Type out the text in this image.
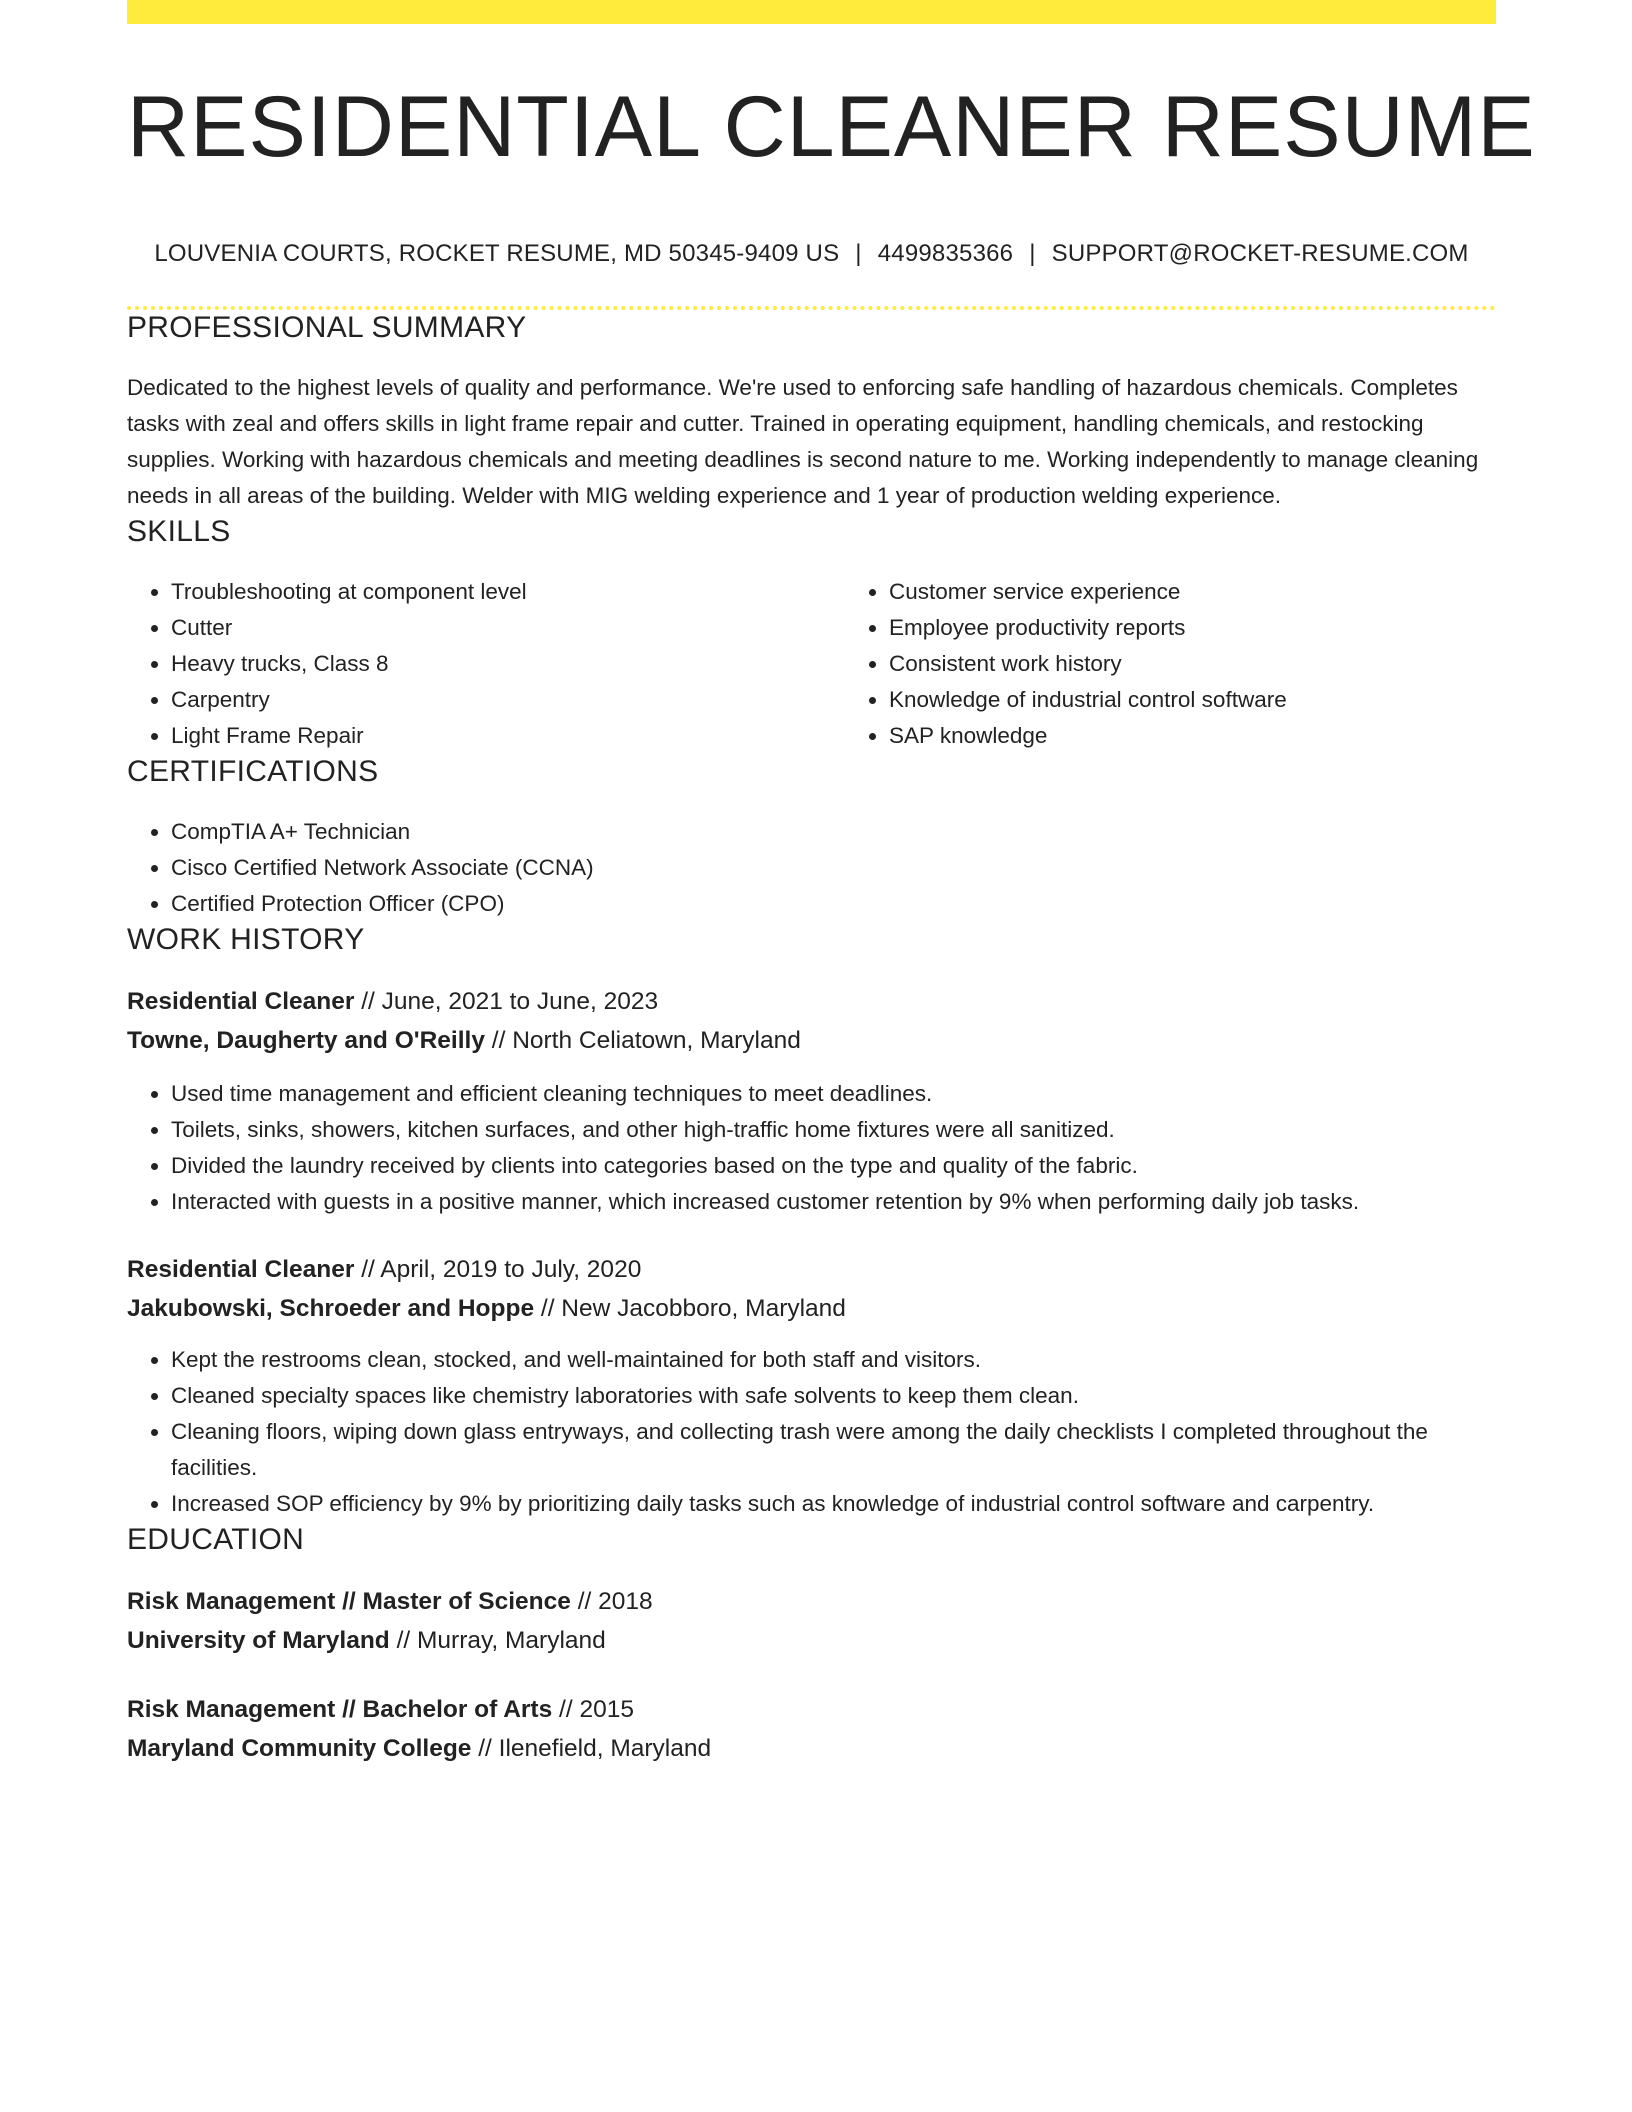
RESIDENTIAL CLEANER RESUME
LOUVENIA COURTS, ROCKET RESUME, MD 50345-9409 US | 4499835366 | SUPPORT@ROCKET-RESUME.COM
PROFESSIONAL SUMMARY

Dedicated to the highest levels of quality and performance. We're used to enforcing safe handling of hazardous chemicals. Completes tasks with zeal and offers skills in light frame repair and cutter. Trained in operating equipment, handling chemicals, and restocking supplies. Working with hazardous chemicals and meeting deadlines is second nature to me. Working independently to manage cleaning needs in all areas of the building. Welder with MIG welding experience and 1 year of production welding experience.

SKILLS
• Troubleshooting at component level
• Cutter
• Heavy trucks, Class 8
• Carpentry
• Light Frame Repair
• Customer service experience
• Employee productivity reports
• Consistent work history
• Knowledge of industrial control software
• SAP knowledge
CERTIFICATIONS
• CompTIA A+ Technician
• Cisco Certified Network Associate (CCNA)
• Certified Protection Officer (CPO)
WORK HISTORY
Residential Cleaner // June, 2021 to June, 2023
Towne, Daugherty and O'Reilly // North Celiatown, Maryland
• Used time management and efficient cleaning techniques to meet deadlines.
• Toilets, sinks, showers, kitchen surfaces, and other high-traffic home fixtures were all sanitized.
• Divided the laundry received by clients into categories based on the type and quality of the fabric.
• Interacted with guests in a positive manner, which increased customer retention by 9% when performing daily job tasks.
Residential Cleaner // April, 2019 to July, 2020
Jakubowski, Schroeder and Hoppe // New Jacobboro, Maryland
• Kept the restrooms clean, stocked, and well-maintained for both staff and visitors.
• Cleaned specialty spaces like chemistry laboratories with safe solvents to keep them clean.
• Cleaning floors, wiping down glass entryways, and collecting trash were among the daily checklists I completed throughout the facilities.
• Increased SOP efficiency by 9% by prioritizing daily tasks such as knowledge of industrial control software and carpentry.
EDUCATION
Risk Management // Master of Science // 2018
University of Maryland // Murray, Maryland
Risk Management // Bachelor of Arts // 2015
Maryland Community College // Ilenefield, Maryland
